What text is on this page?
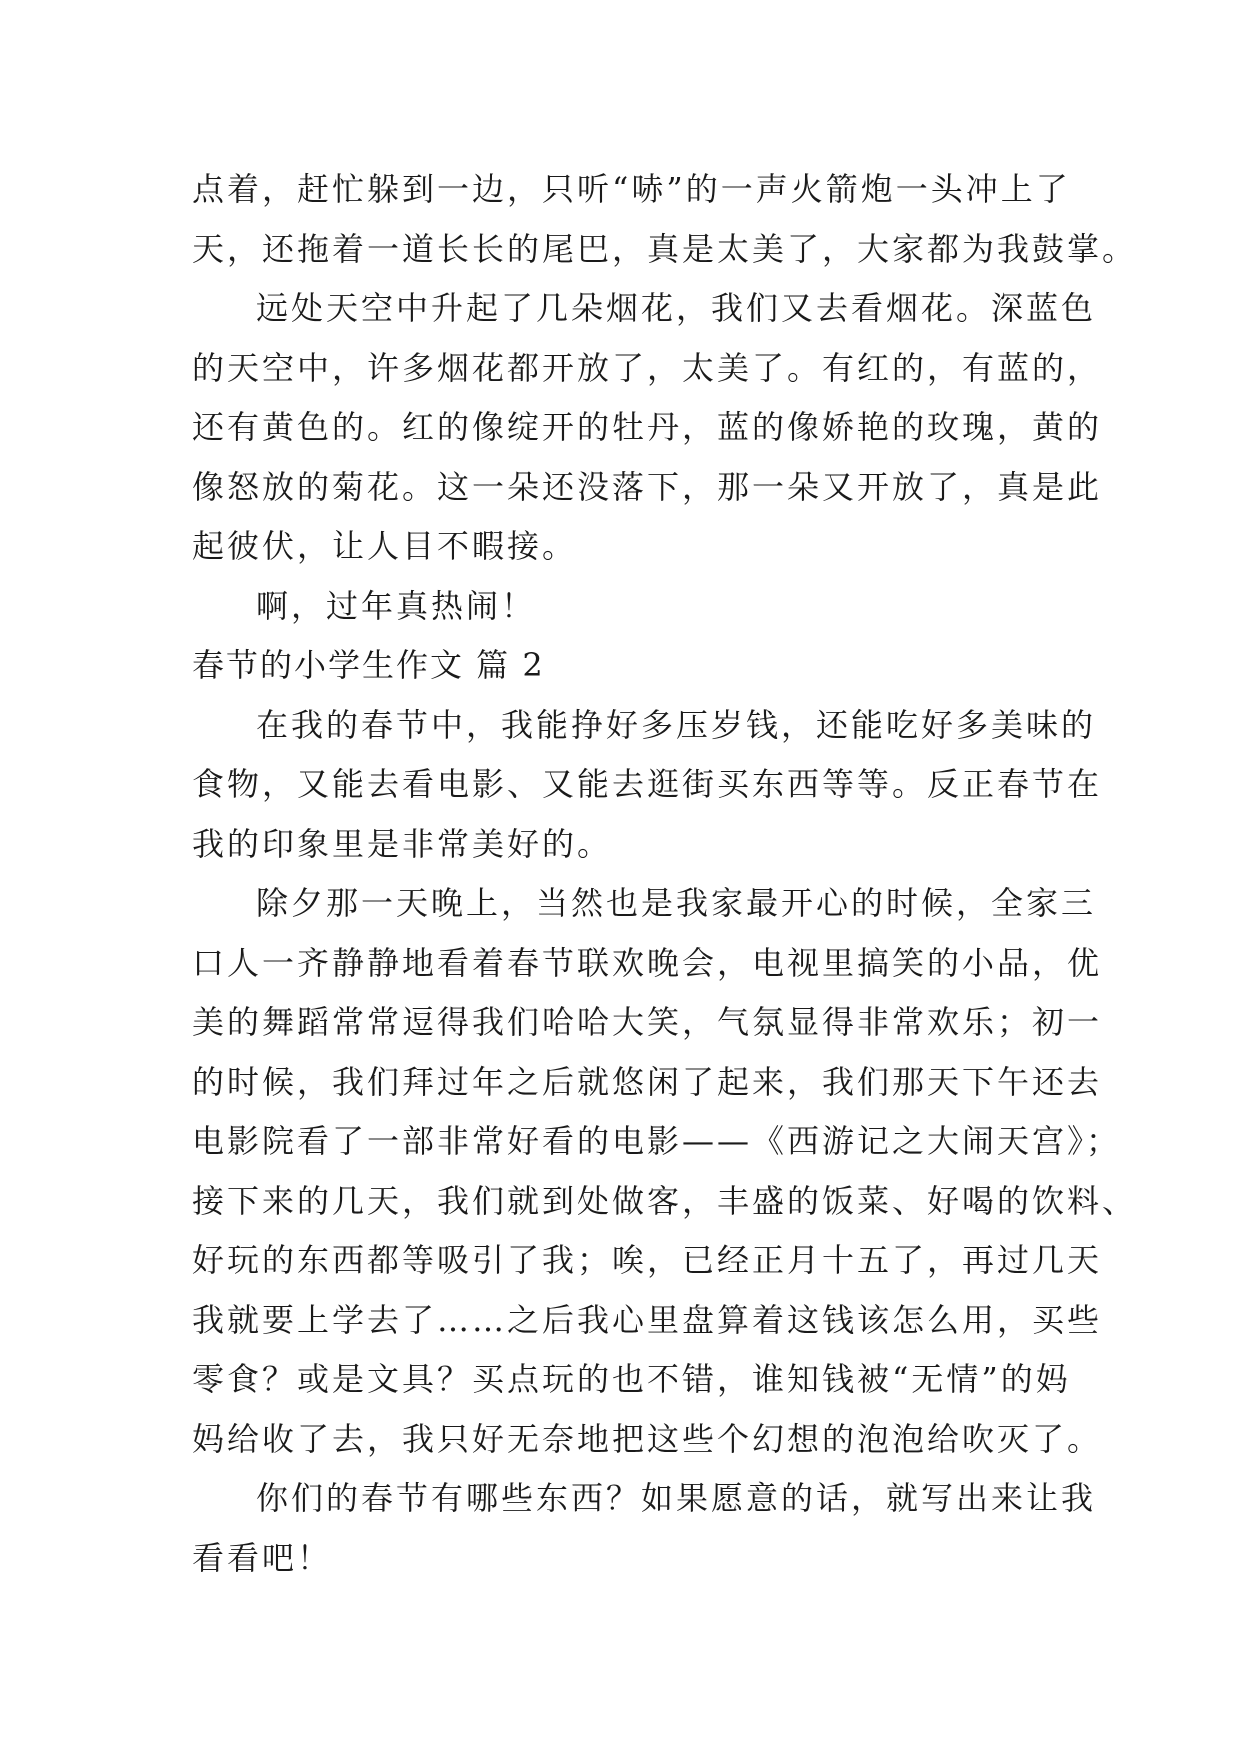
点着，赶忙躲到一边，只听“哧”的一声火箭炮一头冲上了
天，还拖着一道长长的尾巴，真是太美了，大家都为我鼓掌。
远处天空中升起了几朵烟花，我们又去看烟花。深蓝色
的天空中，许多烟花都开放了，太美了。有红的，有蓝的，
还有黄色的。红的像绽开的牡丹，蓝的像娇艳的玫瑰，黄的
像怒放的菊花。这一朵还没落下，那一朵又开放了，真是此
起彼伏，让人目不暇接。
啊，过年真热闹！
春节的小学生作文 篇 2
在我的春节中，我能挣好多压岁钱，还能吃好多美味的
食物，又能去看电影、又能去逛街买东西等等。反正春节在
我的印象里是非常美好的。
除夕那一天晚上，当然也是我家最开心的时候，全家三
口人一齐静静地看着春节联欢晚会，电视里搞笑的小品，优
美的舞蹈常常逗得我们哈哈大笑，气氛显得非常欢乐；初一
的时候，我们拜过年之后就悠闲了起来，我们那天下午还去
电影院看了一部非常好看的电影——《西游记之大闹天宫》；
接下来的几天，我们就到处做客，丰盛的饭菜、好喝的饮料、
好玩的东西都等吸引了我；唉，已经正月十五了，再过几天
我就要上学去了……之后我心里盘算着这钱该怎么用，买些
零食？或是文具？买点玩的也不错，谁知钱被“无情”的妈
妈给收了去，我只好无奈地把这些个幻想的泡泡给吹灭了。
你们的春节有哪些东西？如果愿意的话，就写出来让我
看看吧！
